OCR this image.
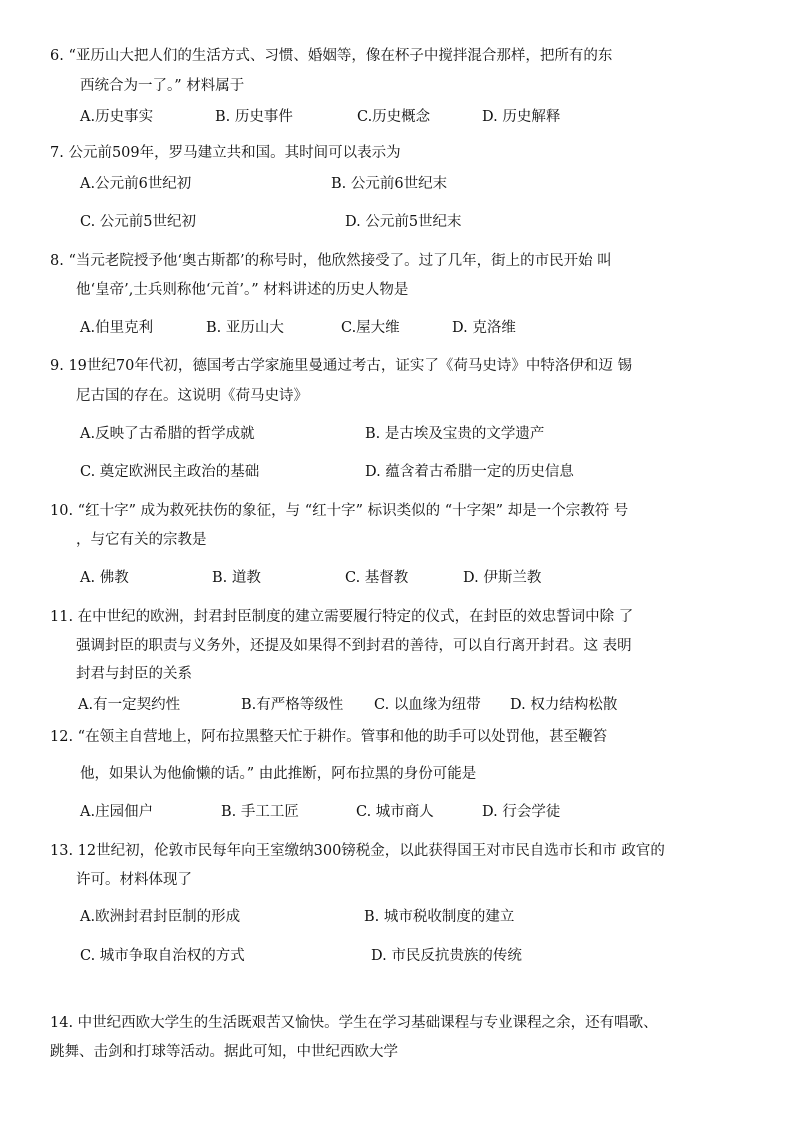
6. “亚历山大把人们的生活方式、习惯、婚姻等，像在杯子中搅拌混合那样，把所有的东
西统合为一了。” 材料属于
A.历史事实	B. 历史事件	C.历史概念	D. 历史解释
7. 公元前509年，罗马建立共和国。其时间可以表示为
A.公元前6世纪初	B. 公元前6世纪末
C. 公元前5世纪初	D. 公元前5世纪末
8. “当元老院授予他‘奥古斯都’的称号时，他欣然接受了。过了几年，街上的市民开始 叫
他‘皇帝’,士兵则称他‘元首’。” 材料讲述的历史人物是
A.伯里克利	B. 亚历山大	C.屋大维	D. 克洛维
9. 19世纪70年代初，德国考古学家施里曼通过考古，证实了《荷马史诗》中特洛伊和迈 锡
尼古国的存在。这说明《荷马史诗》
A.反映了古希腊的哲学成就	B. 是古埃及宝贵的文学遗产
C. 奠定欧洲民主政治的基础	D. 蕴含着古希腊一定的历史信息
10. “红十字” 成为救死扶伤的象征，与 “红十字” 标识类似的 “十字架” 却是一个宗教符 号
，与它有关的宗教是
A. 佛教	B. 道教	C. 基督教	D. 伊斯兰教
11. 在中世纪的欧洲，封君封臣制度的建立需要履行特定的仪式，在封臣的效忠誓词中除 了
强调封臣的职责与义务外，还提及如果得不到封君的善待，可以自行离开封君。这 表明
封君与封臣的关系
A.有一定契约性	B.有严格等级性 C. 以血缘为纽带 D. 权力结构松散
12. “在领主自营地上，阿布拉黑整天忙于耕作。管事和他的助手可以处罚他，甚至鞭笞
他，如果认为他偷懒的话。” 由此推断，阿布拉黑的身份可能是
A.庄园佃户	B. 手工工匠	C. 城市商人	D. 行会学徒
13. 12世纪初，伦敦市民每年向王室缴纳300镑税金，以此获得国王对市民自选市长和市 政官的
许可。材料体现了
A.欧洲封君封臣制的形成	B. 城市税收制度的建立
C. 城市争取自治权的方式	D. 市民反抗贵族的传统
14. 中世纪西欧大学生的生活既艰苦又愉快。学生在学习基础课程与专业课程之余，还有唱歌、
跳舞、击剑和打球等活动。据此可知，中世纪西欧大学
